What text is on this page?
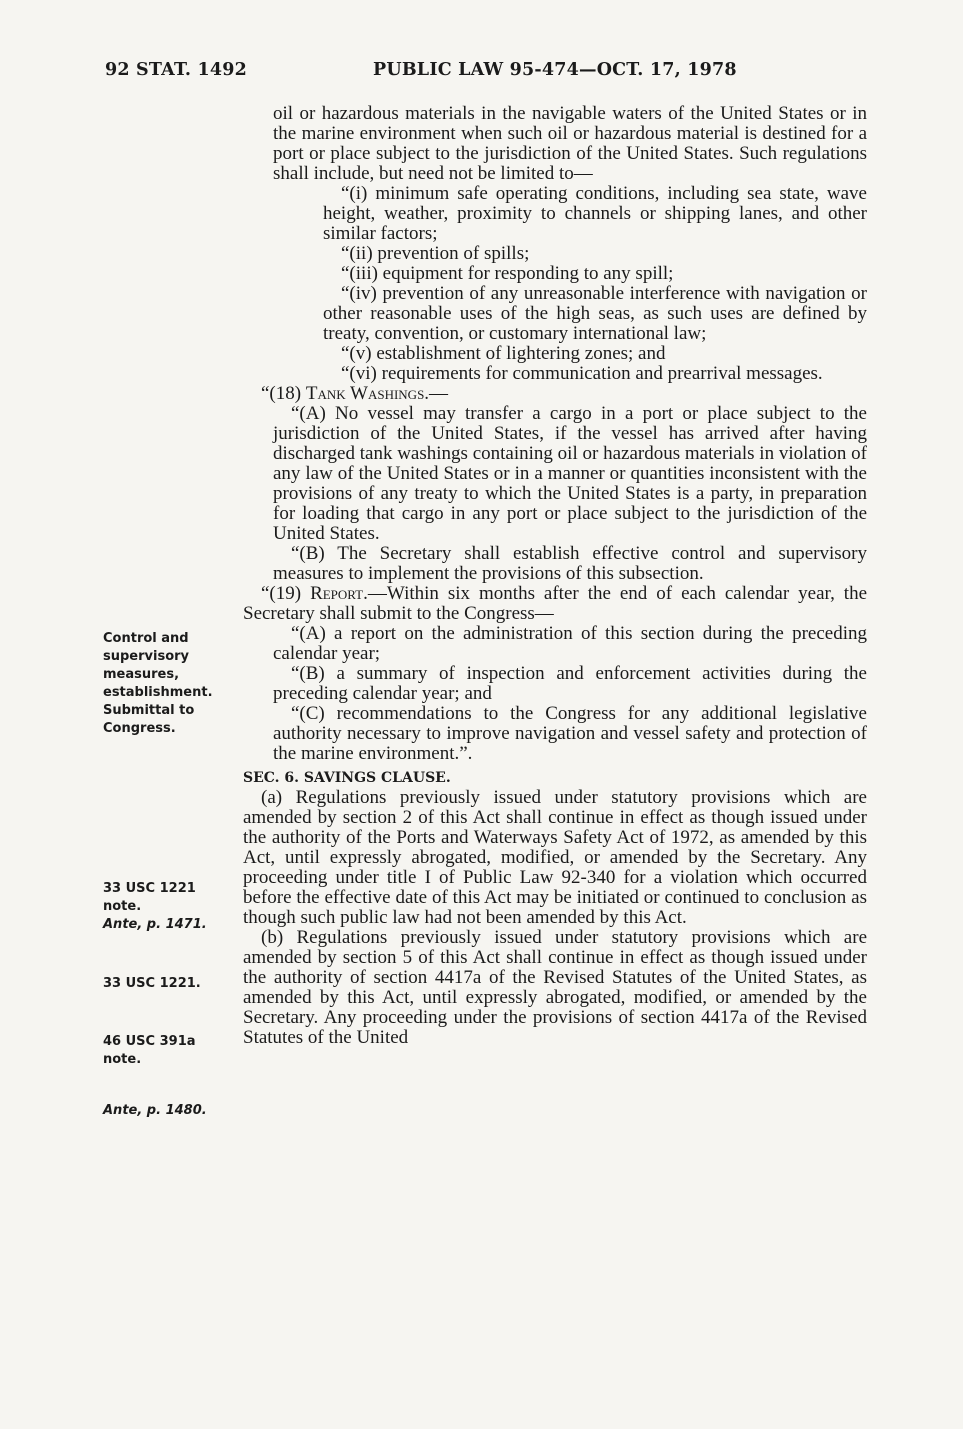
92 STAT. 1492	PUBLIC LAW 95-474—OCT. 17, 1978
Control and
supervisory
measures,
establishment.
Submittal to
Congress.
33 USC 1221
note.
Ante, p. 1471.
33 USC 1221.
46 USC 391a
note.
Ante, p. 1480.

oil or hazardous materials in the navigable waters of the United States or in the marine environment when such oil or hazardous material is destined for a port or place subject to the jurisdiction of the United States. Such regulations shall include, but need not be limited to—

“(i) minimum safe operating conditions, including sea state, wave height, weather, proximity to channels or shipping lanes, and other similar factors;

“(ii) prevention of spills;

“(iii) equipment for responding to any spill;

“(iv) prevention of any unreasonable interference with navigation or other reasonable uses of the high seas, as such uses are defined by treaty, convention, or customary international law;

“(v) establishment of lightering zones; and

“(vi) requirements for communication and prearrival messages.

“(18) Tank Washings.—

“(A) No vessel may transfer a cargo in a port or place subject to the jurisdiction of the United States, if the vessel has arrived after having discharged tank washings containing oil or hazardous materials in violation of any law of the United States or in a manner or quantities inconsistent with the provisions of any treaty to which the United States is a party, in preparation for loading that cargo in any port or place subject to the jurisdiction of the United States.

“(B) The Secretary shall establish effective control and supervisory measures to implement the provisions of this subsection.

“(19) Report.—Within six months after the end of each calendar year, the Secretary shall submit to the Congress—

“(A) a report on the administration of this section during the preceding calendar year;

“(B) a summary of inspection and enforcement activities during the preceding calendar year; and

“(C) recommendations to the Congress for any additional legislative authority necessary to improve navigation and vessel safety and protection of the marine environment.”.

SEC. 6. SAVINGS CLAUSE.

(a) Regulations previously issued under statutory provisions which are amended by section 2 of this Act shall continue in effect as though issued under the authority of the Ports and Waterways Safety Act of 1972, as amended by this Act, until expressly abrogated, modified, or amended by the Secretary. Any proceeding under title I of Public Law 92-340 for a violation which occurred before the effective date of this Act may be initiated or continued to conclusion as though such public law had not been amended by this Act.

(b) Regulations previously issued under statutory provisions which are amended by section 5 of this Act shall continue in effect as though issued under the authority of section 4417a of the Revised Statutes of the United States, as amended by this Act, until expressly abrogated, modified, or amended by the Secretary. Any proceeding under the provisions of section 4417a of the Revised Statutes of the United
